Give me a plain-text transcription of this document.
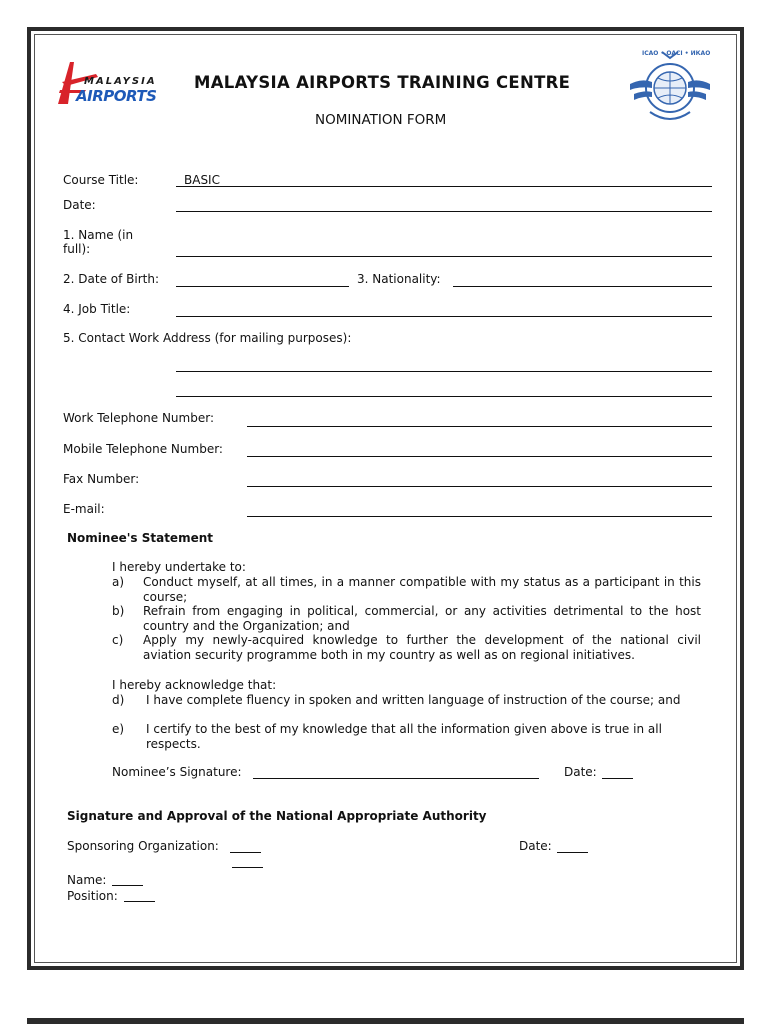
MALAYSIA
AIRPORTS
MALAYSIA AIRPORTS TRAINING CENTRE
NOMINATION FORM
ICAO • OACI • ИКАО
Course Title:	BASIC
Date:
1. Name (in
full):
2. Date of Birth:	3. Nationality:
4. Job Title:
5. Contact Work Address (for mailing purposes):
Work Telephone Number:
Mobile Telephone Number:
Fax Number:
E-mail:
Nominee's Statement
I hereby undertake to:
a) Conduct myself, at all times, in a manner compatible with my status as a participant in this course;
b) Refrain from engaging in political, commercial, or any activities detrimental to the host country and the Organization; and
c) Apply my newly-acquired knowledge to further the development of the national civil aviation security programme both in my country as well as on regional initiatives.
I hereby acknowledge that:
d) I have complete fluency in spoken and written language of instruction of the course; and
e) I certify to the best of my knowledge that all the information given above is true in all respects.
Nominee’s Signature:	Date:
Signature and Approval of the National Appropriate Authority
Sponsoring Organization:	Date:
Name:
Position:
